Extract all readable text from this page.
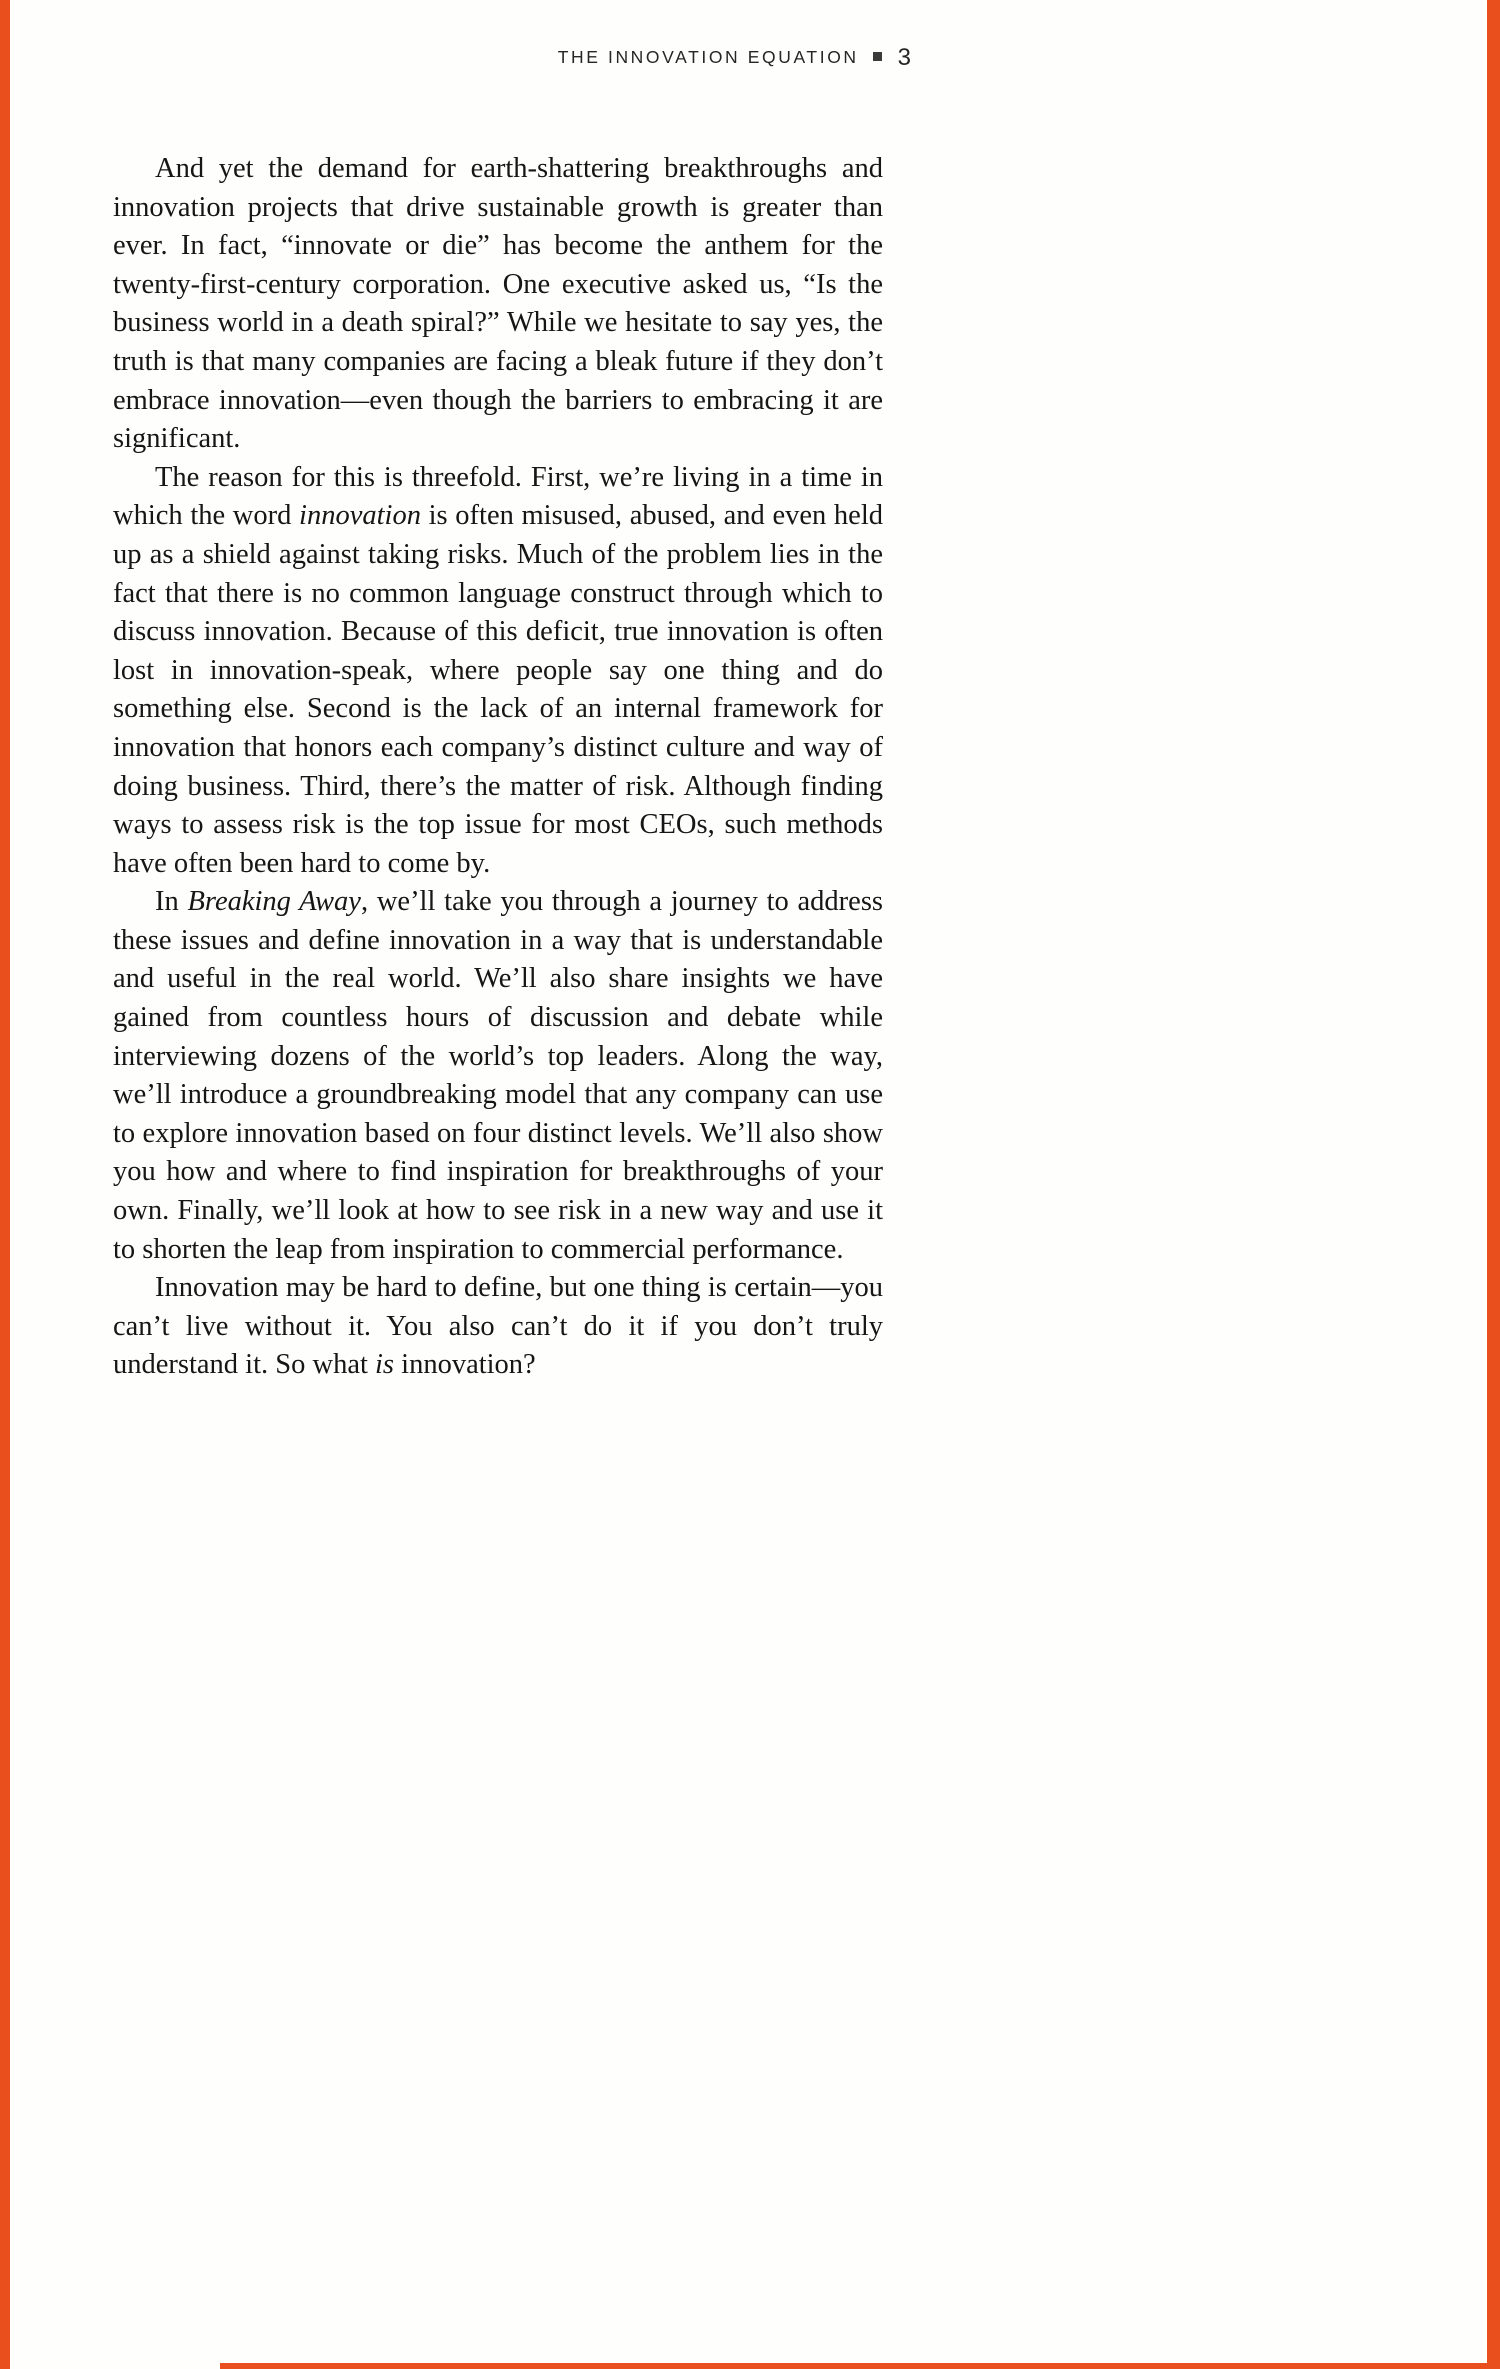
THE INNOVATION EQUATION 3

And yet the demand for earth-shattering breakthroughs and innovation projects that drive sustainable growth is greater than ever. In fact, “innovate or die” has become the anthem for the twenty-first-century corporation. One executive asked us, “Is the business world in a death spiral?” While we hesitate to say yes, the truth is that many companies are facing a bleak future if they don’t embrace innovation—even though the barriers to embracing it are significant.

The reason for this is threefold. First, we’re living in a time in which the word innovation is often misused, abused, and even held up as a shield against taking risks. Much of the problem lies in the fact that there is no common language construct through which to discuss innovation. Because of this deficit, true innovation is often lost in innovation-speak, where people say one thing and do something else. Second is the lack of an internal framework for innovation that honors each company’s distinct culture and way of doing business. Third, there’s the matter of risk. Although finding ways to assess risk is the top issue for most CEOs, such methods have often been hard to come by.

In Breaking Away, we’ll take you through a journey to address these issues and define innovation in a way that is understandable and useful in the real world. We’ll also share insights we have gained from countless hours of discussion and debate while interviewing dozens of the world’s top leaders. Along the way, we’ll introduce a groundbreaking model that any company can use to explore innovation based on four distinct levels. We’ll also show you how and where to find inspiration for breakthroughs of your own. Finally, we’ll look at how to see risk in a new way and use it to shorten the leap from inspiration to commercial performance.

Innovation may be hard to define, but one thing is certain—you can’t live without it. You also can’t do it if you don’t truly understand it. So what is innovation?
